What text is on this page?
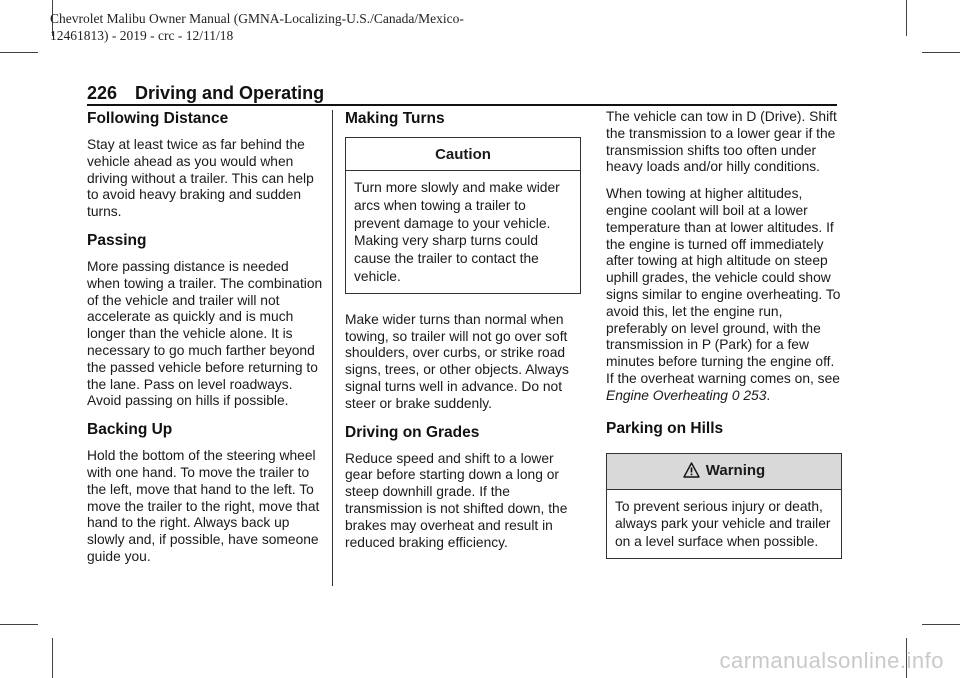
Chevrolet Malibu Owner Manual (GMNA-Localizing-U.S./Canada/Mexico-
12461813) - 2019 - crc - 12/11/18
226 Driving and Operating
Following Distance

Stay at least twice as far behind the vehicle ahead as you would when driving without a trailer. This can help to avoid heavy braking and sudden turns.

Passing

More passing distance is needed when towing a trailer. The combination of the vehicle and trailer will not accelerate as quickly and is much longer than the vehicle alone. It is necessary to go much farther beyond the passed vehicle before returning to the lane. Pass on level roadways. Avoid passing on hills if possible.

Backing Up

Hold the bottom of the steering wheel with one hand. To move the trailer to the left, move that hand to the left. To move the trailer to the right, move that hand to the right. Always back up slowly and, if possible, have someone guide you.

Making Turns
Caution
Turn more slowly and make wider arcs when towing a trailer to prevent damage to your vehicle. Making very sharp turns could cause the trailer to contact the vehicle.

Make wider turns than normal when towing, so trailer will not go over soft shoulders, over curbs, or strike road signs, trees, or other objects. Always signal turns well in advance. Do not steer or brake suddenly.

Driving on Grades

Reduce speed and shift to a lower gear before starting down a long or steep downhill grade. If the transmission is not shifted down, the brakes may overheat and result in reduced braking efficiency.

The vehicle can tow in D (Drive). Shift the transmission to a lower gear if the transmission shifts too often under heavy loads and/or hilly conditions.

When towing at higher altitudes, engine coolant will boil at a lower temperature than at lower altitudes. If the engine is turned off immediately after towing at high altitude on steep uphill grades, the vehicle could show signs similar to engine overheating. To avoid this, let the engine run, preferably on level ground, with the transmission in P (Park) for a few minutes before turning the engine off. If the overheat warning comes on, see
Engine Overheating 0 253.

Parking on Hills
Warning
To prevent serious injury or death, always park your vehicle and trailer on a level surface when possible.
carmanualsonline.info
